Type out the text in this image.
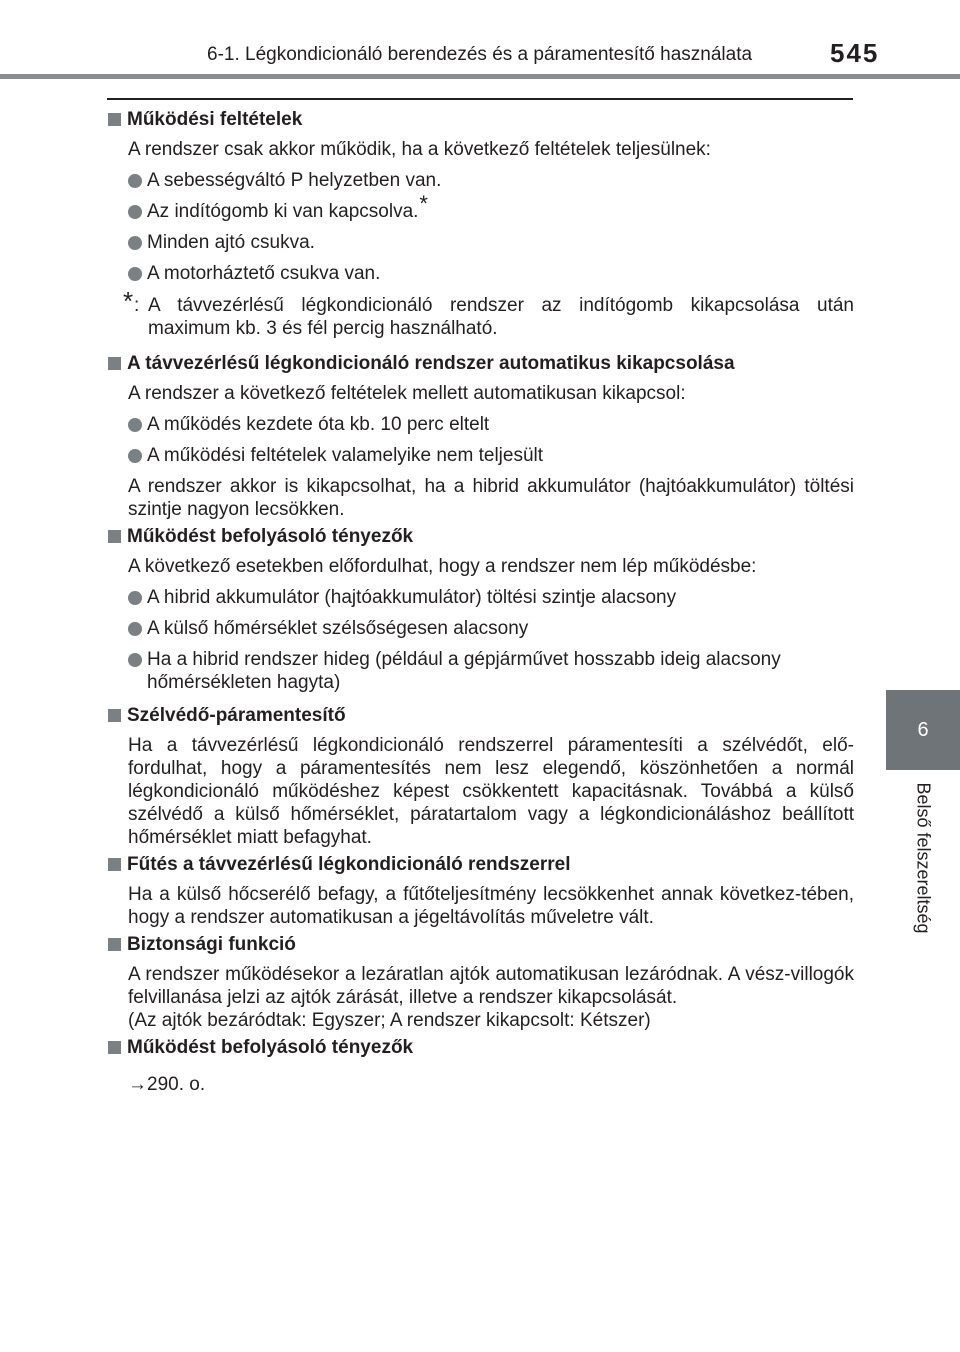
6-1. Légkondicionáló berendezés és a páramentesítő használata	545
6
Belső felszereltség
Működési feltételek
A rendszer csak akkor működik, ha a következő feltételek teljesülnek:
A sebességváltó P helyzetben van.
Az indítógomb ki van kapcsolva.*
Minden ajtó csukva.
A motorháztető csukva van.
* : A távvezérlésű légkondicionáló rendszer az indítógomb kikapcsolása után maximum kb. 3 és fél percig használható.
A távvezérlésű légkondicionáló rendszer automatikus kikapcsolása
A rendszer a következő feltételek mellett automatikusan kikapcsol:
A működés kezdete óta kb. 10 perc eltelt
A működési feltételek valamelyike nem teljesült
A rendszer akkor is kikapcsolhat, ha a hibrid akkumulátor (hajtóakkumulátor) töltési szintje nagyon lecsökken.
Működést befolyásoló tényezők
A következő esetekben előfordulhat, hogy a rendszer nem lép működésbe:
A hibrid akkumulátor (hajtóakkumulátor) töltési szintje alacsony
A külső hőmérséklet szélsőségesen alacsony
Ha a hibrid rendszer hideg (például a gépjárművet hosszabb ideig alacsony hőmérsékleten hagyta)
Szélvédő-páramentesítő
Ha a távvezérlésű légkondicionáló rendszerrel páramentesíti a szélvédőt, elő-fordulhat, hogy a páramentesítés nem lesz elegendő, köszönhetően a normál légkondicionáló működéshez képest csökkentett kapacitásnak. Továbbá a külső szélvédő a külső hőmérséklet, páratartalom vagy a légkondicionáláshoz beállított hőmérséklet miatt befagyhat.
Fűtés a távvezérlésű légkondicionáló rendszerrel
Ha a külső hőcserélő befagy, a fűtőteljesítmény lecsökkenhet annak következ-tében, hogy a rendszer automatikusan a jégeltávolítás műveletre vált.
Biztonsági funkció
A rendszer működésekor a lezáratlan ajtók automatikusan lezáródnak. A vész-villogók felvillanása jelzi az ajtók zárását, illetve a rendszer kikapcsolását.
(Az ajtók bezáródtak: Egyszer; A rendszer kikapcsolt: Kétszer)
Működést befolyásoló tényezők
→290. o.
